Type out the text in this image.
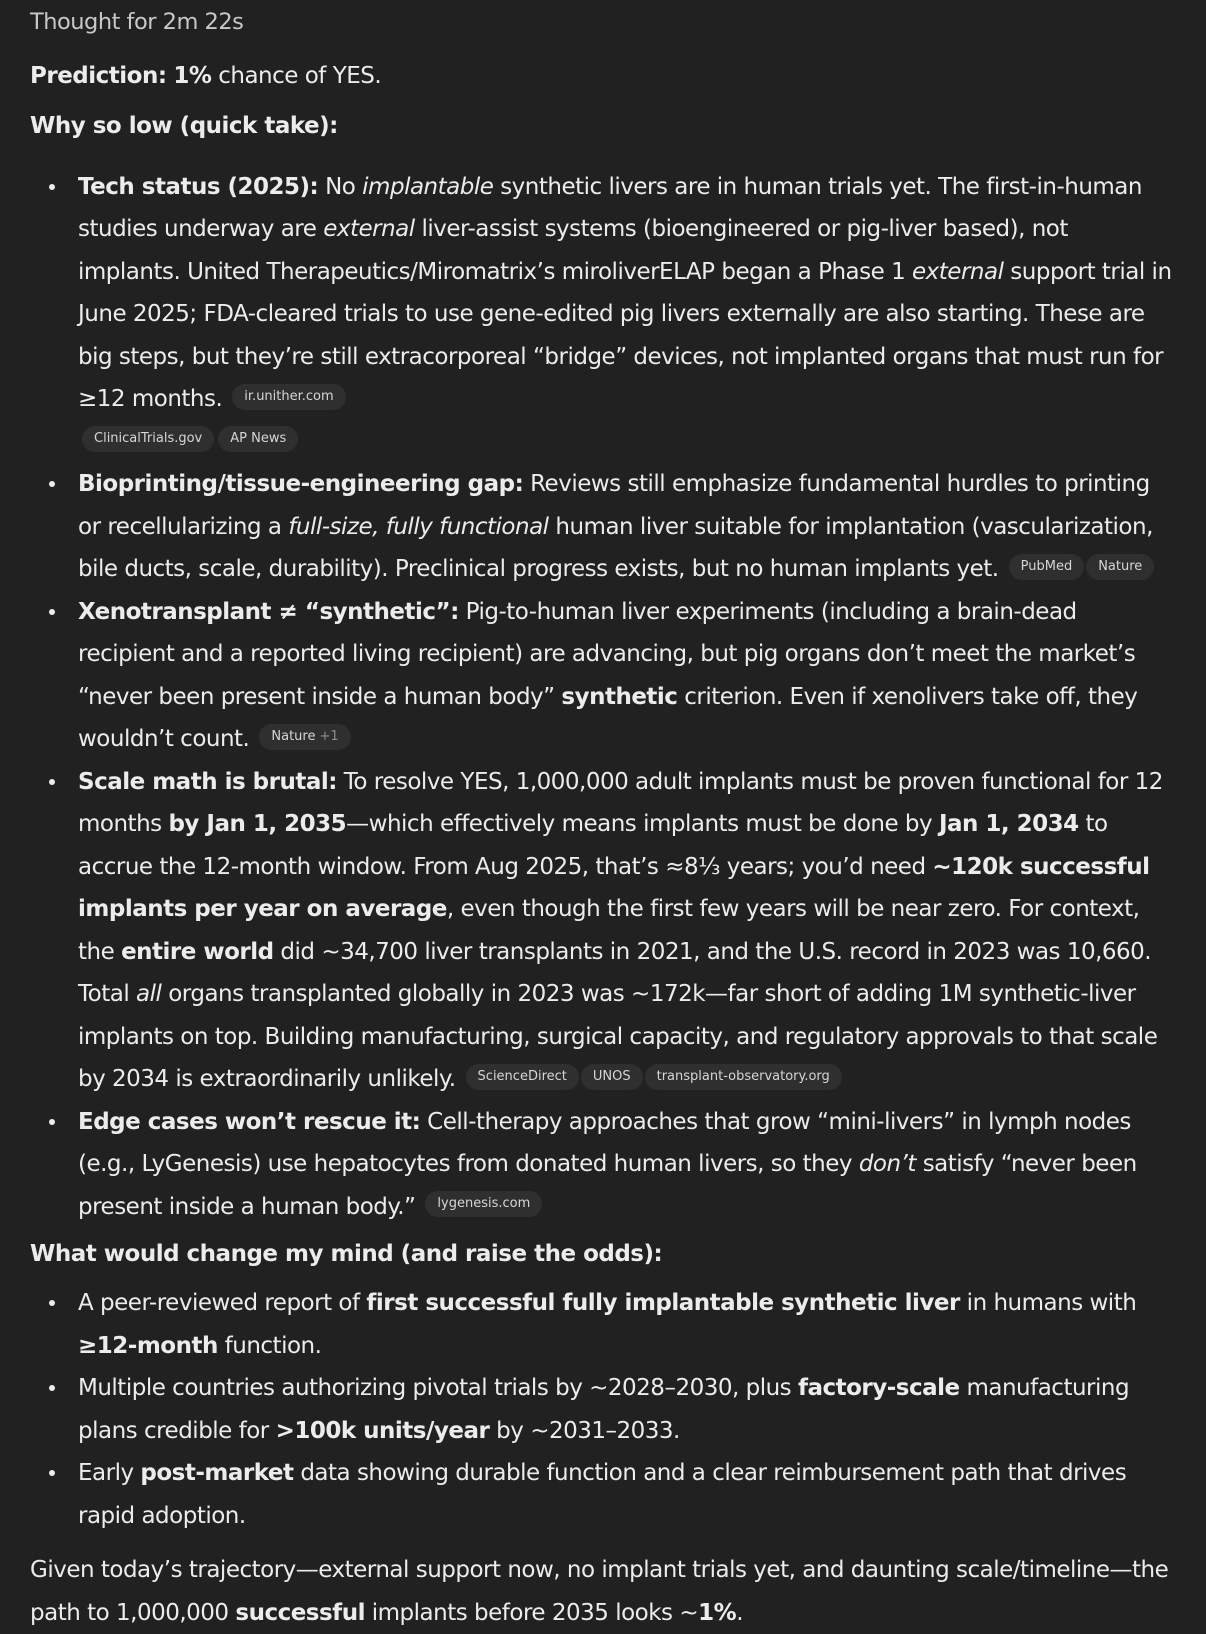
Thought for 2m 22s

Prediction: 1% chance of YES.

Why so low (quick take):

Tech status (2025): No implantable synthetic livers are in human trials yet. The first-in-human studies underway are external liver-assist systems (bioengineered or pig-liver based), not implants. United Therapeutics/Miromatrix’s miroliverELAP began a Phase 1 external support trial in June 2025; FDA-cleared trials to use gene-edited pig livers externally are also starting. These are big steps, but they’re still extracorporeal “bridge” devices, not implanted organs that must run for ≥12 months. ir.unither.com
ClinicalTrials.gov AP News
Bioprinting/tissue-engineering gap: Reviews still emphasize fundamental hurdles to printing or recellularizing a full-size, fully functional human liver suitable for implantation (vascularization, bile ducts, scale, durability). Preclinical progress exists, but no human implants yet. PubMed Nature
Xenotransplant ≠ “synthetic”: Pig-to-human liver experiments (including a brain-dead recipient and a reported living recipient) are advancing, but pig organs don’t meet the market’s “never been present inside a human body” synthetic criterion. Even if xenolivers take off, they wouldn’t count. Nature +1
Scale math is brutal: To resolve YES, 1,000,000 adult implants must be proven functional for 12 months by Jan 1, 2035—which effectively means implants must be done by Jan 1, 2034 to accrue the 12-month window. From Aug 2025, that’s ≈8⅓ years; you’d need ~120k successful implants per year on average, even though the first few years will be near zero. For context, the entire world did ~34,700 liver transplants in 2021, and the U.S. record in 2023 was 10,660. Total all organs transplanted globally in 2023 was ~172k—far short of adding 1M synthetic-liver implants on top. Building manufacturing, surgical capacity, and regulatory approvals to that scale by 2034 is extraordinarily unlikely. ScienceDirect UNOS transplant-observatory.org
Edge cases won’t rescue it: Cell-therapy approaches that grow “mini-livers” in lymph nodes (e.g., LyGenesis) use hepatocytes from donated human livers, so they don’t satisfy “never been present inside a human body.” lygenesis.com

What would change my mind (and raise the odds):

A peer-reviewed report of first successful fully implantable synthetic liver in humans with ≥12-month function.
Multiple countries authorizing pivotal trials by ~2028–2030, plus factory-scale manufacturing plans credible for >100k units/year by ~2031–2033.
Early post-market data showing durable function and a clear reimbursement path that drives rapid adoption.

Given today’s trajectory—external support now, no implant trials yet, and daunting scale/timeline—the path to 1,000,000 successful implants before 2035 looks ~1%.
